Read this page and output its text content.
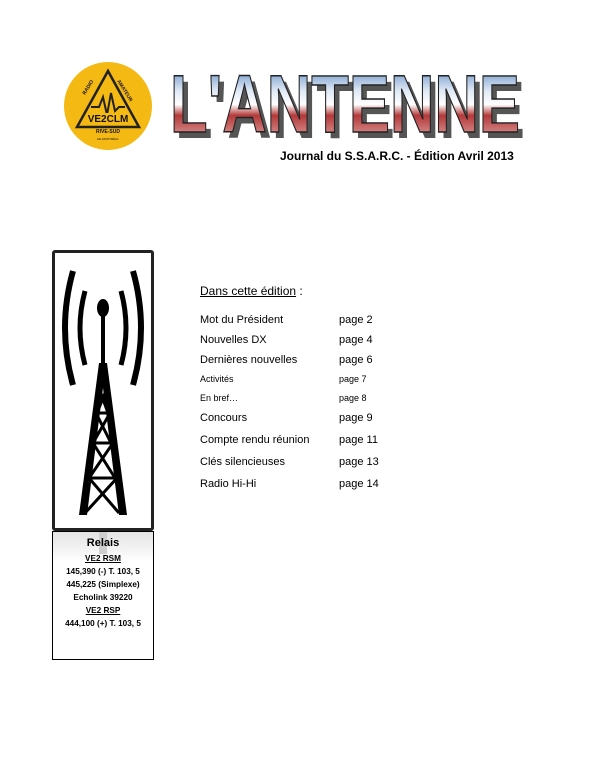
VE2CLM
RIVE-SUD
DE MONTRÉAL
RADIO	AMATEUR L'ANTENNE
L'ANTENNE
Journal du S.S.A.R.C. - Édition Avril 2013
Relais
VE2 RSM
145,390 (-) T. 103, 5
445,225 (Simplexe)
Echolink 39220
VE2 RSP
444,100 (+) T. 103, 5
Dans cette édition :
Mot du Président	page 2
Nouvelles DX	page 4
Dernières nouvelles	page 6
Activités	page 7
En bref…	page 8
Concours	page 9
Compte rendu réunion	page 11
Clés silencieuses	page 13
Radio Hi-Hi	page 14
